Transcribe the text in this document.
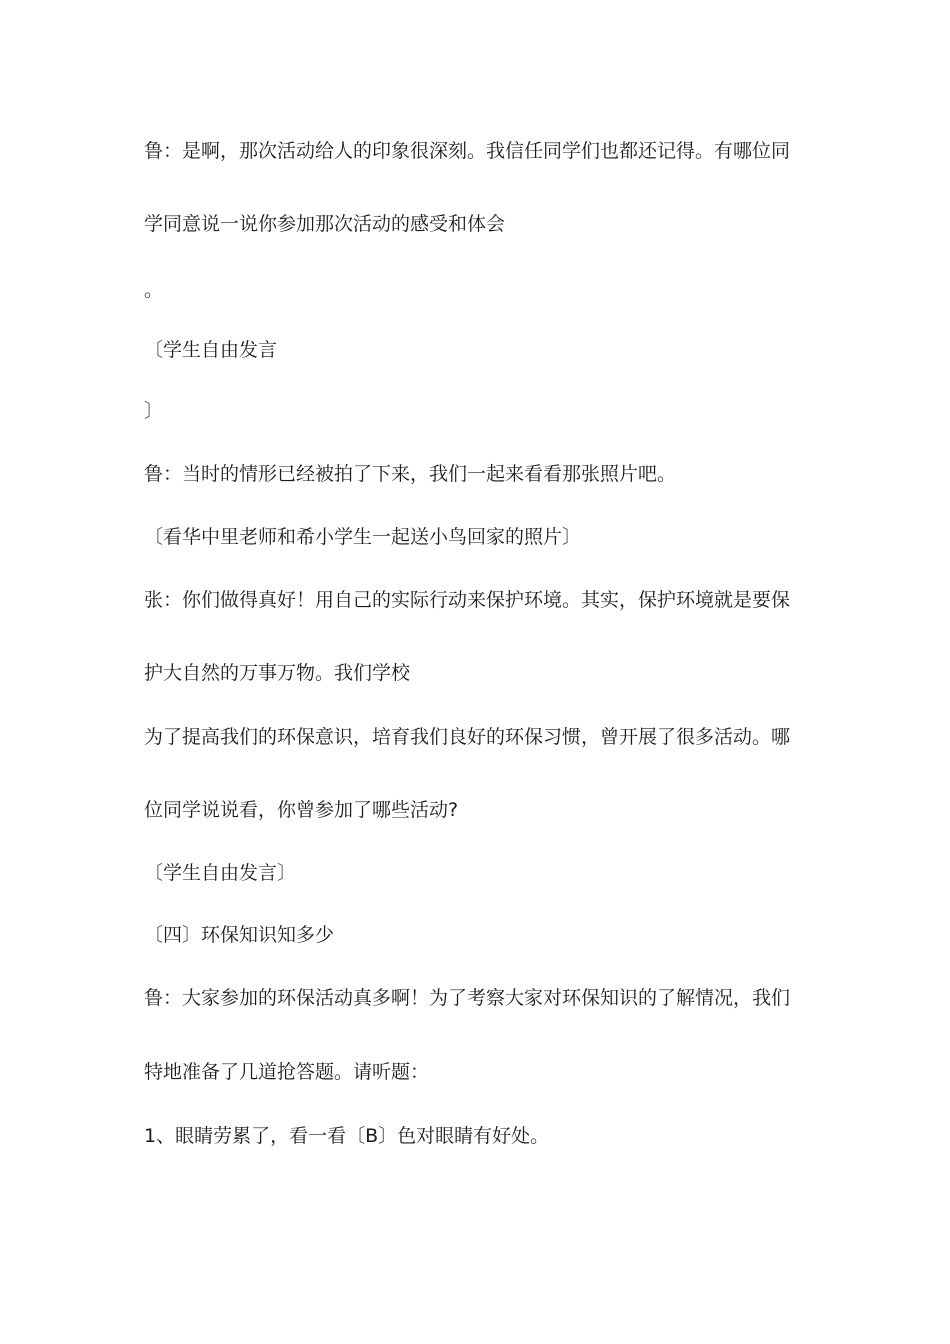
鲁：是啊，那次活动给人的印象很深刻。我信任同学们也都还记得。有哪位同
学同意说一说你参加那次活动的感受和体会
。
〔学生自由发言
〕
鲁：当时的情形已经被拍了下来，我们一起来看看那张照片吧。
〔看华中里老师和希小学生一起送小鸟回家的照片〕
张：你们做得真好！用自己的实际行动来保护环境。其实，保护环境就是要保
护大自然的万事万物。我们学校
为了提高我们的环保意识，培育我们良好的环保习惯，曾开展了很多活动。哪
位同学说说看，你曾参加了哪些活动?
〔学生自由发言〕
〔四〕环保知识知多少
鲁：大家参加的环保活动真多啊！为了考察大家对环保知识的了解情况，我们
特地准备了几道抢答题。请听题：
1、眼睛劳累了，看一看〔B〕色对眼睛有好处。
